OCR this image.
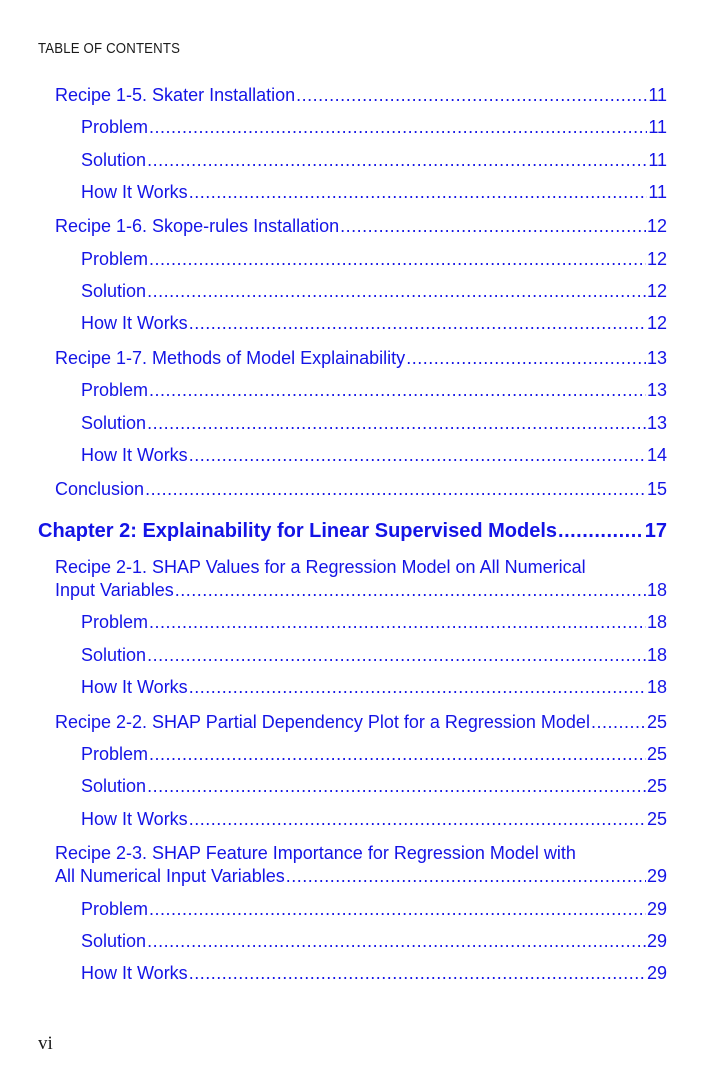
TABLE OF CONTENTS
Recipe 1-5. Skater Installation .....	11
Problem .....	11
Solution .....	11
How It Works .....	11
Recipe 1-6. Skope-rules Installation .....	12
Problem .....	12
Solution .....	12
How It Works .....	12
Recipe 1-7. Methods of Model Explainability .....	13
Problem .....	13
Solution .....	13
How It Works .....	14
Conclusion .....	15
Chapter 2: Explainability for Linear Supervised Models .....	17
Recipe 2-1. SHAP Values for a Regression Model on All Numerical
Input Variables .....	18
Problem .....	18
Solution .....	18
How It Works .....	18
Recipe 2-2. SHAP Partial Dependency Plot for a Regression Model .....	25
Problem .....	25
Solution .....	25
How It Works .....	25
Recipe 2-3. SHAP Feature Importance for Regression Model with
All Numerical Input Variables .....	29
Problem .....	29
Solution .....	29
How It Works .....	29
vi
